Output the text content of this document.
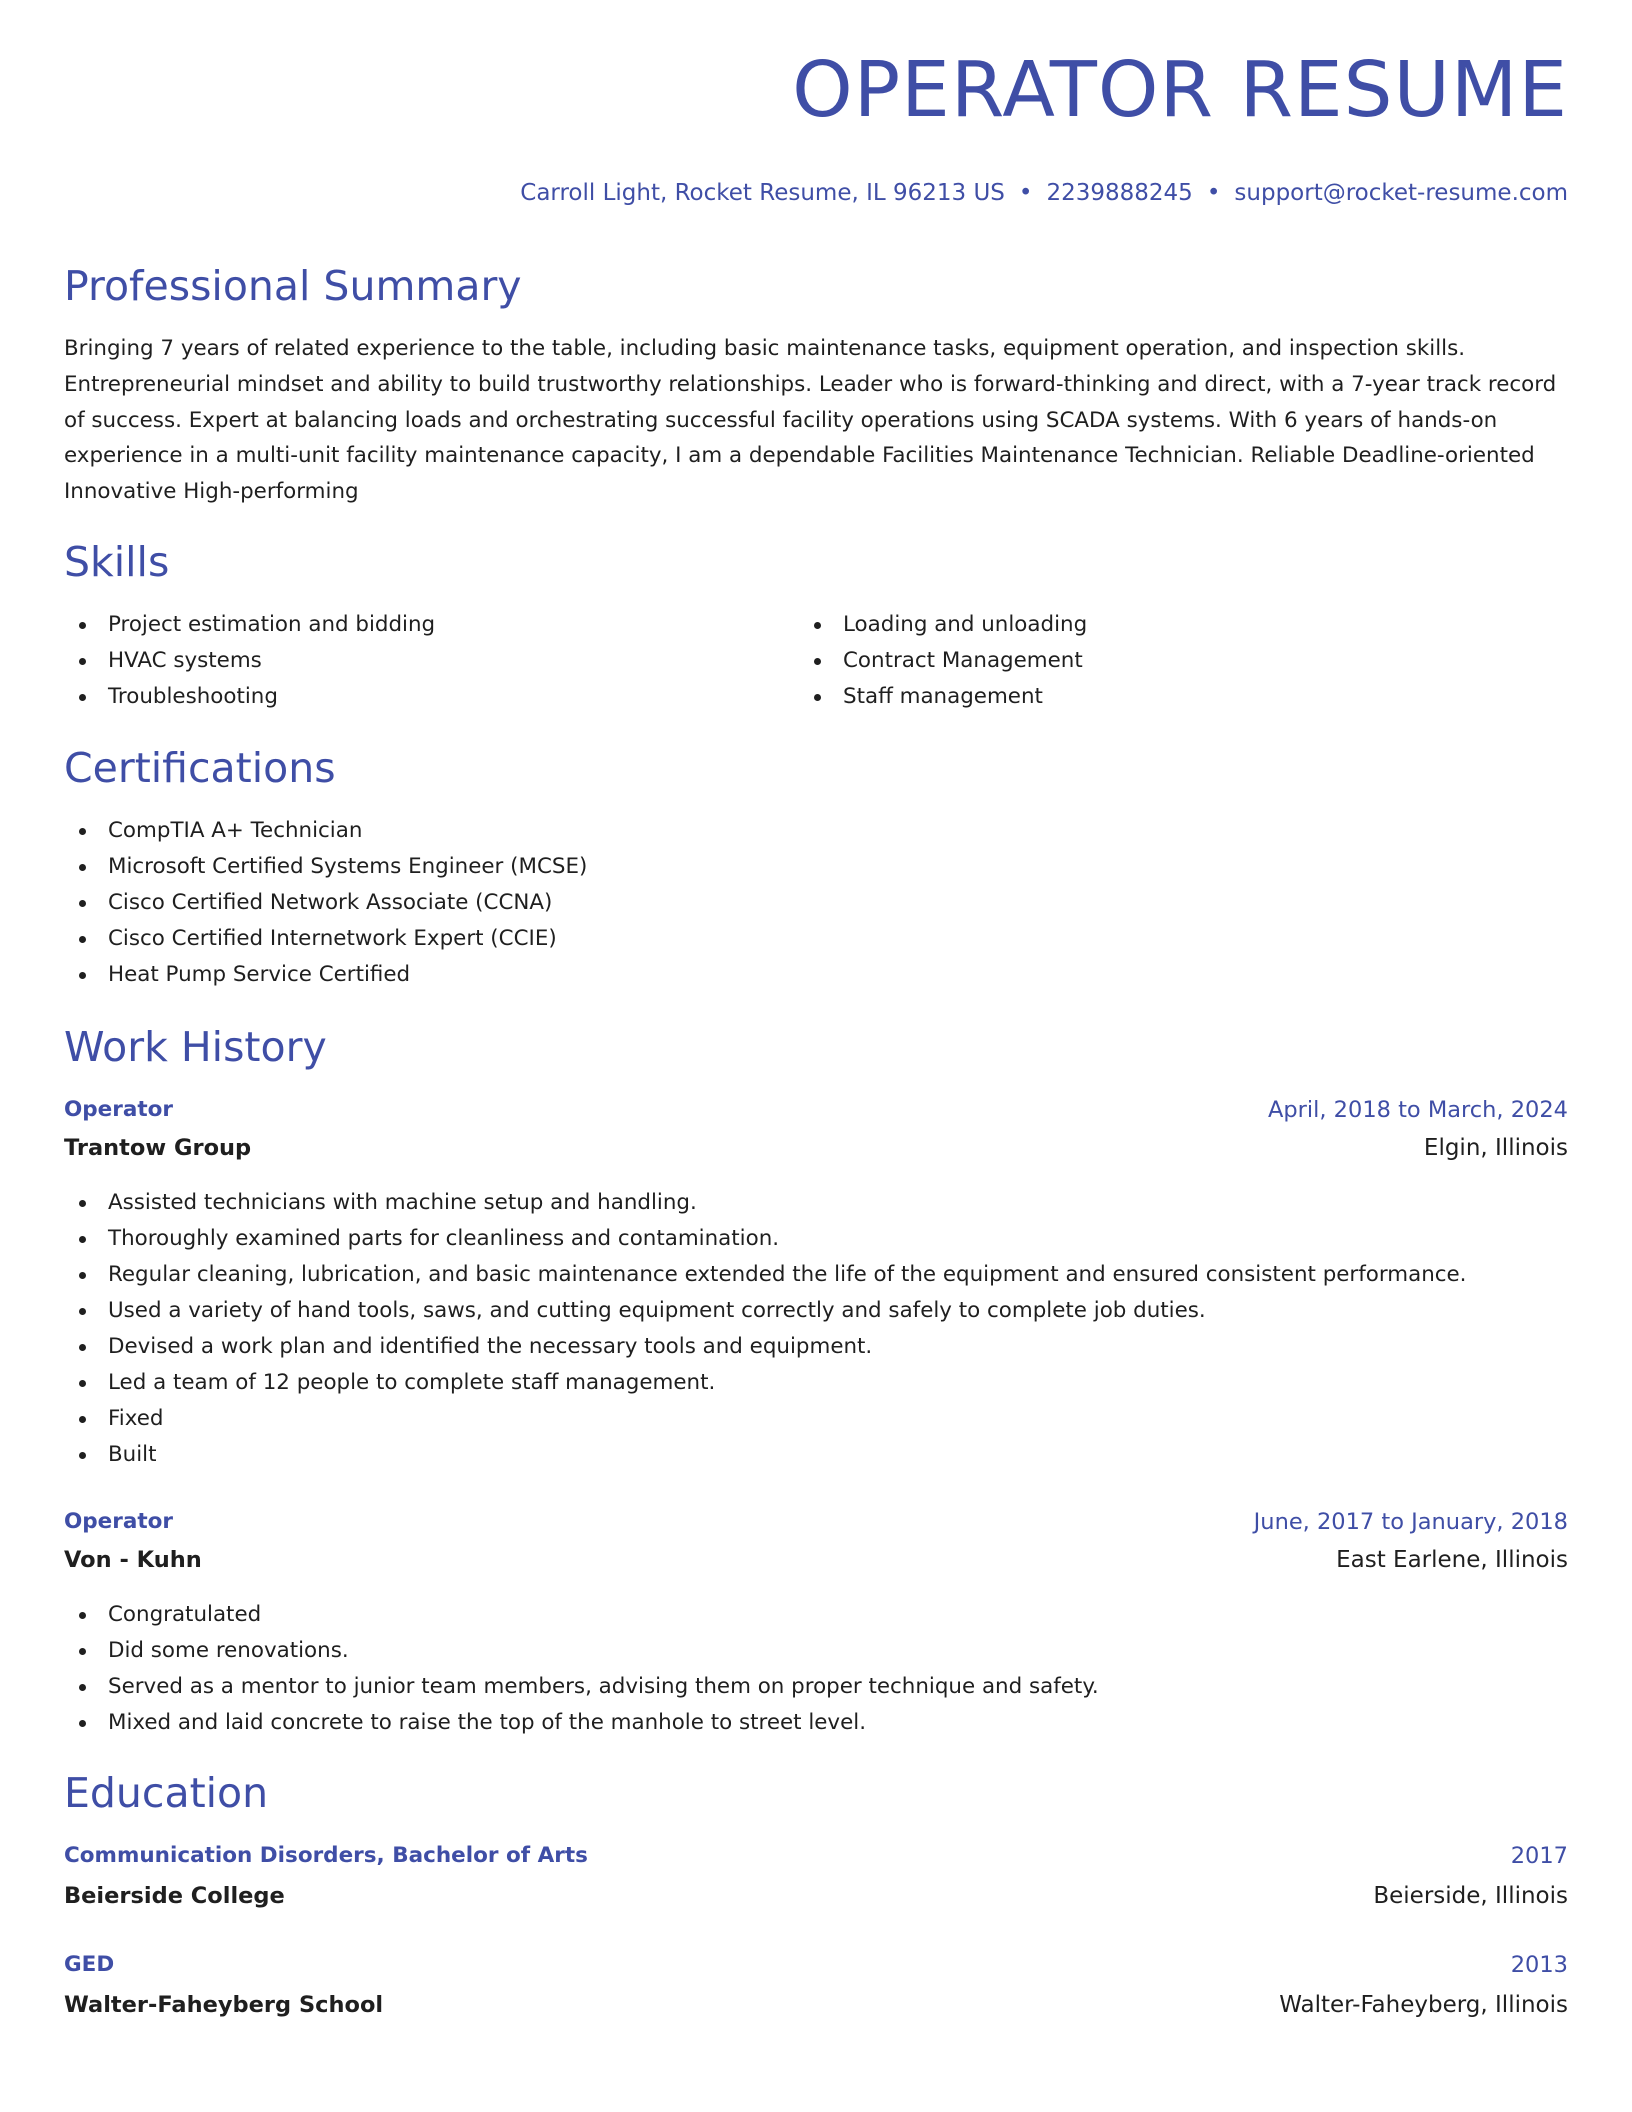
OPERATOR RESUME
Carroll Light, Rocket Resume, IL 96213 US • 2239888245 • support@rocket-resume.com
Professional Summary

Bringing 7 years of related experience to the table, including basic maintenance tasks, equipment operation, and inspection skills. Entrepreneurial mindset and ability to build trustworthy relationships. Leader who is forward-thinking and direct, with a 7-year track record of success. Expert at balancing loads and orchestrating successful facility operations using SCADA systems. With 6 years of hands-on experience in a multi-unit facility maintenance capacity, I am a dependable Facilities Maintenance Technician. Reliable Deadline-oriented Innovative High-performing

Skills
Project estimation and bidding
HVAC systems
Troubleshooting
Loading and unloading
Contract Management
Staff management
Certifications
CompTIA A+ Technician
Microsoft Certified Systems Engineer (MCSE)
Cisco Certified Network Associate (CCNA)
Cisco Certified Internetwork Expert (CCIE)
Heat Pump Service Certified
Work History
Operator	April, 2018 to March, 2024
Trantow Group	Elgin, Illinois
Assisted technicians with machine setup and handling.
Thoroughly examined parts for cleanliness and contamination.
Regular cleaning, lubrication, and basic maintenance extended the life of the equipment and ensured consistent performance.
Used a variety of hand tools, saws, and cutting equipment correctly and safely to complete job duties.
Devised a work plan and identified the necessary tools and equipment.
Led a team of 12 people to complete staff management.
Fixed
Built
Operator	June, 2017 to January, 2018
Von - Kuhn	East Earlene, Illinois
Congratulated
Did some renovations.
Served as a mentor to junior team members, advising them on proper technique and safety.
Mixed and laid concrete to raise the top of the manhole to street level.
Education
Communication Disorders, Bachelor of Arts	2017
Beierside College	Beierside, Illinois
GED	2013
Walter-Faheyberg School	Walter-Faheyberg, Illinois
